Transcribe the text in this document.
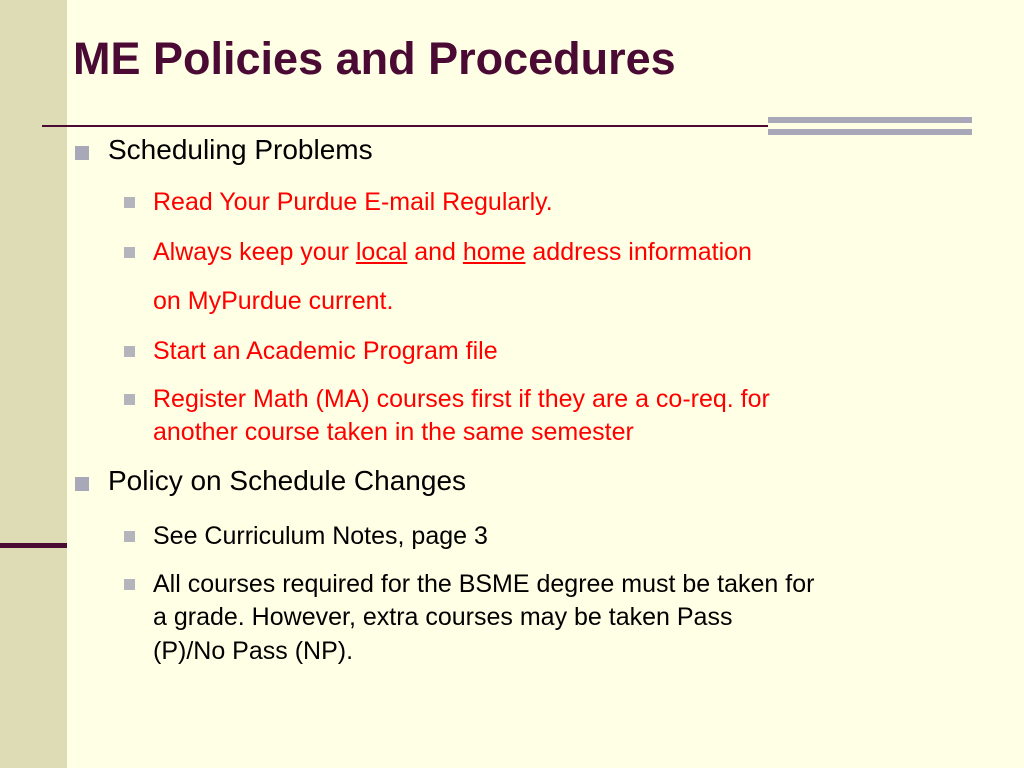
ME Policies and Procedures
Scheduling Problems
Read Your Purdue E-mail Regularly.
Always keep your local and home address information
on MyPurdue current.
Start an Academic Program file
Register Math (MA) courses first if they are a co-req. for
another course taken in the same semester
Policy on Schedule Changes
See Curriculum Notes, page 3
All courses required for the BSME degree must be taken for
a grade. However, extra courses may be taken Pass
(P)/No Pass (NP).
